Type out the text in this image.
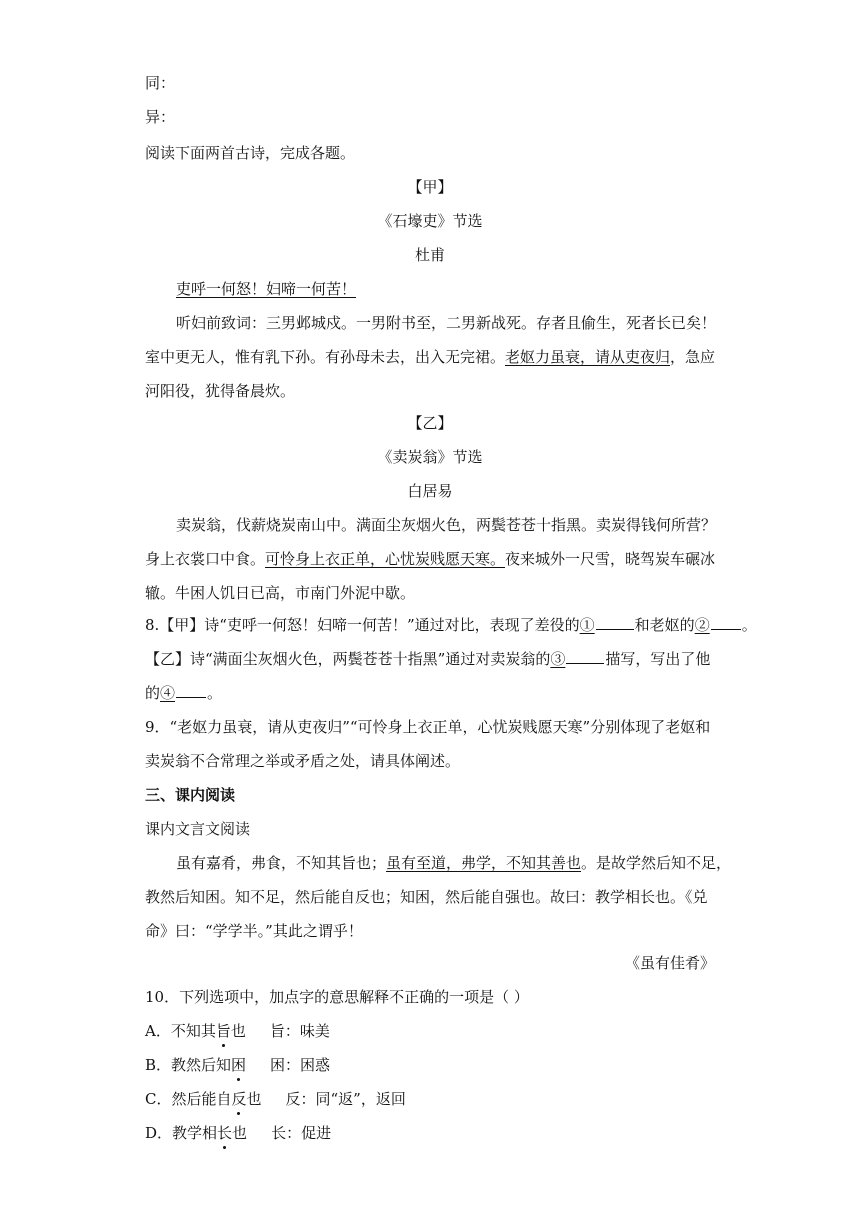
同：
异：
阅读下面两首古诗，完成各题。
【甲】
《石壕吏》节选
杜甫
吏呼一何怒！妇啼一何苦！
听妇前致词：三男邺城戍。一男附书至，二男新战死。存者且偷生，死者长已矣！
室中更无人，惟有乳下孙。有孙母未去，出入无完裙。老妪力虽衰，请从吏夜归，急应
河阳役，犹得备晨炊。
【乙】
《卖炭翁》节选
白居易
卖炭翁，伐薪烧炭南山中。满面尘灰烟火色，两鬓苍苍十指黑。卖炭得钱何所营？
身上衣裳口中食。可怜身上衣正单，心忧炭贱愿天寒。夜来城外一尺雪，晓驾炭车碾冰
辙。牛困人饥日已高，市南门外泥中歇。
8.【甲】诗“吏呼一何怒！妇啼一何苦！”通过对比，表现了差役的①	和老妪的② 。
【乙】诗“满面尘灰烟火色，两鬓苍苍十指黑”通过对卖炭翁的③	描写，写出了他
的④ 。
9．“老妪力虽衰，请从吏夜归”“可怜身上衣正单，心忧炭贱愿天寒”分别体现了老妪和
卖炭翁不合常理之举或矛盾之处，请具体阐述。
三、课内阅读
课内文言文阅读
虽有嘉肴，弗食，不知其旨也；虽有至道，弗学，不知其善也。是故学然后知不足，
教然后知困。知不足，然后能自反也；知困，然后能自强也。故曰：教学相长也。《兑
命》曰：“学学半。”其此之谓乎！
《虽有佳肴》
10．下列选项中，加点字的意思解释不正确的一项是（ ）
A．不知其旨也 旨：味美
B．教然后知困 困：困惑
C．然后能自反也 反：同“返”，返回
D．教学相长也 长：促进
